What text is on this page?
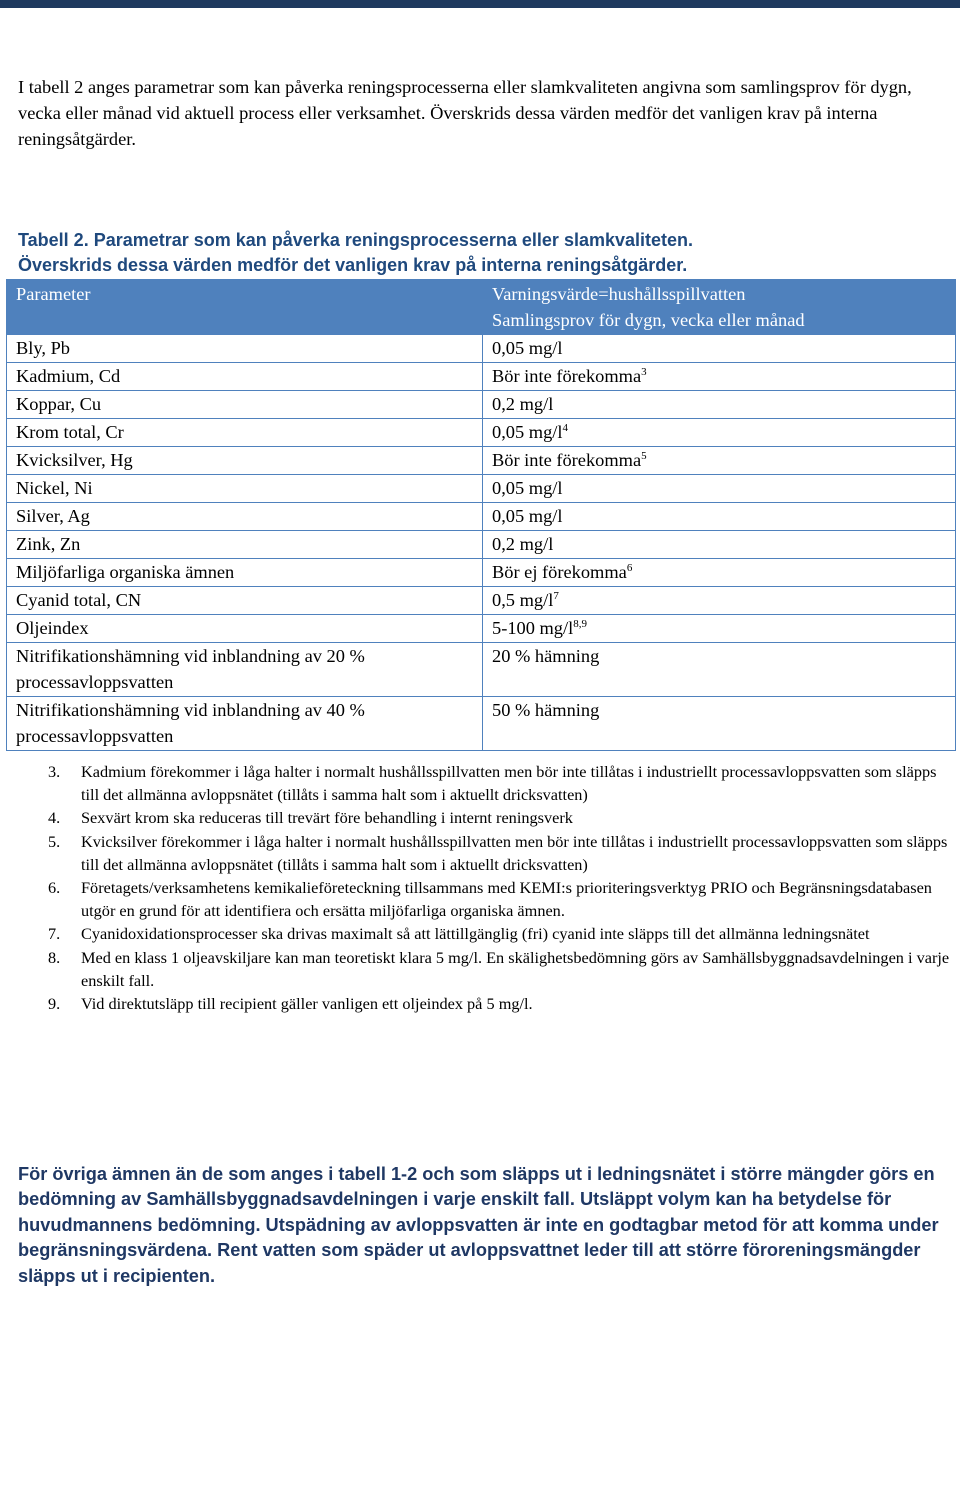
I tabell 2 anges parametrar som kan påverka reningsprocesserna eller slamkvaliteten angivna som samlingsprov för dygn, vecka eller månad vid aktuell process eller verksamhet. Överskrids dessa värden medför det vanligen krav på interna reningsåtgärder.

Tabell 2. Parametrar som kan påverka reningsprocesserna eller slamkvaliteten.
Överskrids dessa värden medför det vanligen krav på interna reningsåtgärder.

Parameter	Varningsvärde=hushållsspillvatten
Samlingsprov för dygn, vecka eller månad

Bly, Pb	0,05 mg/l
Kadmium, Cd	Bör inte förekomma$^3$
Koppar, Cu	0,2 mg/l
Krom total, Cr	0,05 $mg/l^4$
Kvicksilver, Hg	Bör inte förekomma$^5$
Nickel, Ni	0,05 mg/l
Silver, Ag	0,05 mg/l
Zink, Zn	0,2 mg/l
Miljöfarliga organiska ämnen	Bör ej förekomma$^6$
Cyanid total, CN	0,5 $mg/l^7$
Oljeindex	5-100 $mg/l^{8,9}$
Nitrifikationshämning vid inblandning av 20 % processavloppsvatten	20 % hämning
Nitrifikationshämning vid inblandning av 40 % processavloppsvatten	50 % hämning
3. Kadmium förekommer i låga halter i normalt hushållsspillvatten men bör inte tillåtas i industriellt processavloppsvatten som släpps till det allmänna avloppsnätet (tillåts i samma halt som i aktuellt dricksvatten)
4. Sexvärt krom ska reduceras till trevärt före behandling i internt reningsverk
5. Kvicksilver förekommer i låga halter i normalt hushållsspillvatten men bör inte tillåtas i industriellt processavloppsvatten som släpps till det allmänna avloppsnätet (tillåts i samma halt som i aktuellt dricksvatten)
6. Företagets/verksamhetens kemikalieföreteckning tillsammans med KEMI:s prioriteringsverktyg PRIO och Begränsningsdatabasen utgör en grund för att identifiera och ersätta miljöfarliga organiska ämnen.
7. Cyanidoxidationsprocesser ska drivas maximalt så att lättillgänglig (fri) cyanid inte släpps till det allmänna ledningsnätet
8. Med en klass 1 oljeavskiljare kan man teoretiskt klara 5 mg/l. En skälighetsbedömning görs av Samhällsbyggnadsavdelningen i varje enskilt fall.
9. Vid direktutsläpp till recipient gäller vanligen ett oljeindex på 5 mg/l.

För övriga ämnen än de som anges i tabell 1-2 och som släpps ut i ledningsnätet i större mängder görs en bedömning av Samhällsbyggnadsavdelningen i varje enskilt fall. Utsläppt volym kan ha betydelse för huvudmannens bedömning. Utspädning av avloppsvatten är inte en godtagbar metod för att komma under begränsningsvärdena. Rent vatten som späder ut avloppsvattnet leder till att större föroreningsmängder släpps ut i recipienten.

ÅRJÄNGS KOMMUN | 0573-141 00 vx | kommun@arjang.se | www.arjang.se
